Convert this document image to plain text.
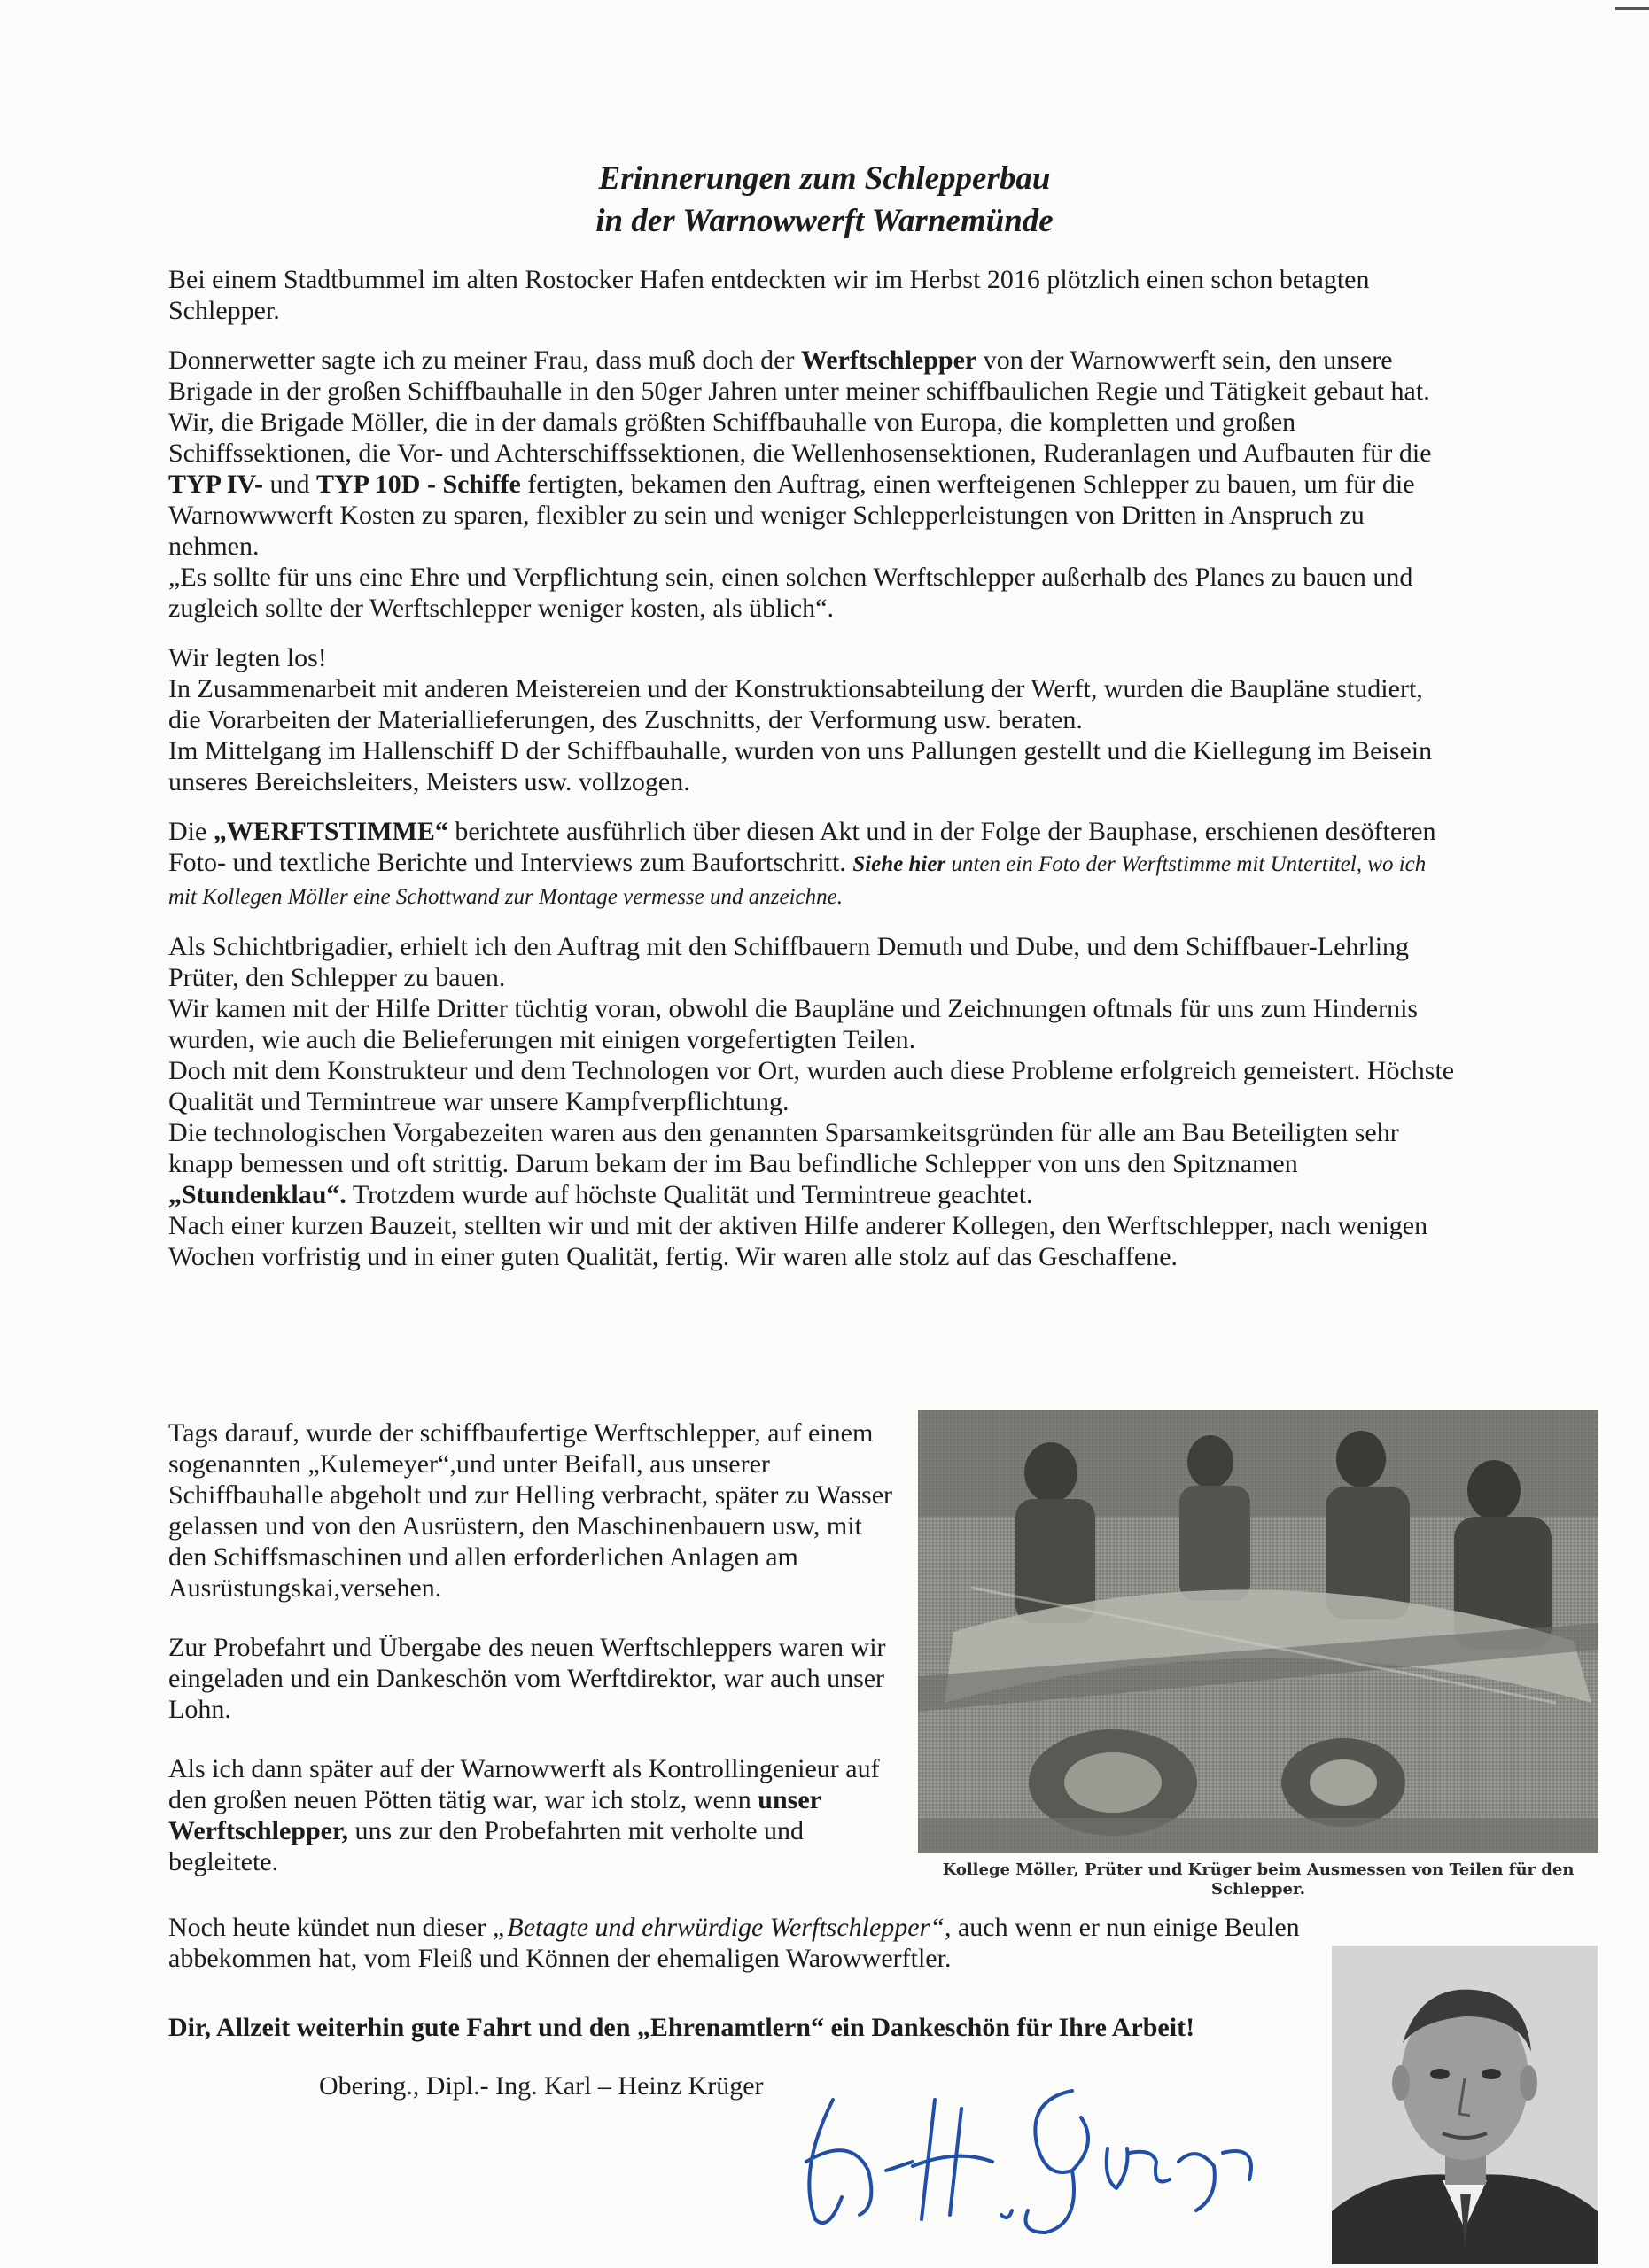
Erinnerungen zum Schlepperbau
in der Warnowwerft Warnemünde

Bei einem Stadtbummel im alten Rostocker Hafen entdeckten wir im Herbst 2016 plötzlich einen schon betagten Schlepper.

Donnerwetter sagte ich zu meiner Frau, dass muß doch der Werftschlepper von der Warnowwerft sein, den unsere Brigade in der großen Schiffbauhalle in den 50ger Jahren unter meiner schiffbaulichen Regie und Tätigkeit gebaut hat.

Wir, die Brigade Möller, die in der damals größten Schiffbauhalle von Europa, die kompletten und großen Schiffssektionen, die Vor- und Achterschiffssektionen, die Wellenhosensektionen, Ruderanlagen und Aufbauten für die TYP IV- und TYP 10D - Schiffe fertigten, bekamen den Auftrag, einen werfteigenen Schlepper zu bauen, um für die Warnowwwerft Kosten zu sparen, flexibler zu sein und weniger Schlepperleistungen von Dritten in Anspruch zu nehmen.

„Es sollte für uns eine Ehre und Verpflichtung sein, einen solchen Werftschlepper außerhalb des Planes zu bauen und zugleich sollte der Werftschlepper weniger kosten, als üblich“.

Wir legten los!

In Zusammenarbeit mit anderen Meistereien und der Konstruktionsabteilung der Werft, wurden die Baupläne studiert, die Vorarbeiten der Materiallieferungen, des Zuschnitts, der Verformung usw. beraten.

Im Mittelgang im Hallenschiff D der Schiffbauhalle, wurden von uns Pallungen gestellt und die Kiellegung im Beisein unseres Bereichsleiters, Meisters usw. vollzogen.

Die „WERFTSTIMME“ berichtete ausführlich über diesen Akt und in der Folge der Bauphase, erschienen desöfteren Foto- und textliche Berichte und Interviews zum Baufortschritt. Siehe hier unten ein Foto der Werftstimme mit Untertitel, wo ich mit Kollegen Möller eine Schottwand zur Montage vermesse und anzeichne.

Als Schichtbrigadier, erhielt ich den Auftrag mit den Schiffbauern Demuth und Dube, und dem Schiffbauer-Lehrling Prüter, den Schlepper zu bauen.

Wir kamen mit der Hilfe Dritter tüchtig voran, obwohl die Baupläne und Zeichnungen oftmals für uns zum Hindernis wurden, wie auch die Belieferungen mit einigen vorgefertigten Teilen.

Doch mit dem Konstrukteur und dem Technologen vor Ort, wurden auch diese Probleme erfolgreich gemeistert. Höchste Qualität und Termintreue war unsere Kampfverpflichtung.

Die technologischen Vorgabezeiten waren aus den genannten Sparsamkeitsgründen für alle am Bau Beteiligten sehr knapp bemessen und oft strittig. Darum bekam der im Bau befindliche Schlepper von uns den Spitznamen „Stundenklau“. Trotzdem wurde auf höchste Qualität und Termintreue geachtet.

Nach einer kurzen Bauzeit, stellten wir und mit der aktiven Hilfe anderer Kollegen, den Werftschlepper, nach wenigen Wochen vorfristig und in einer guten Qualität, fertig. Wir waren alle stolz auf das Geschaffene.

Tags darauf, wurde der schiffbaufertige Werftschlepper, auf einem sogenannten „Kulemeyer“,und unter Beifall, aus unserer Schiffbauhalle abgeholt und zur Helling verbracht, später zu Wasser gelassen und von den Ausrüstern, den Maschinenbauern usw, mit den Schiffsmaschinen und allen erforderlichen Anlagen am Ausrüstungskai,versehen.

Zur Probefahrt und Übergabe des neuen Werftschleppers waren wir eingeladen und ein Dankeschön vom Werftdirektor, war auch unser Lohn.

Als ich dann später auf der Warnowwerft als Kontrollingenieur auf den großen neuen Pötten tätig war, war ich stolz, wenn unser Werftschlepper, uns zur den Probefahrten mit verholte und begleitete.	Kollege Möller, Prüter und Krüger beim Ausmessen von Teilen für den Schlepper.

Noch heute kündet nun dieser „Betagte und ehrwürdige Werftschlepper“, auch wenn er nun einige Beulen abbekommen hat, vom Fleiß und Können der ehemaligen Warowwerftler.

Dir, Allzeit weiterhin gute Fahrt und den „Ehrenamtlern“ ein Dankeschön für Ihre Arbeit!
Obering., Dipl.- Ing. Karl – Heinz Krüger
